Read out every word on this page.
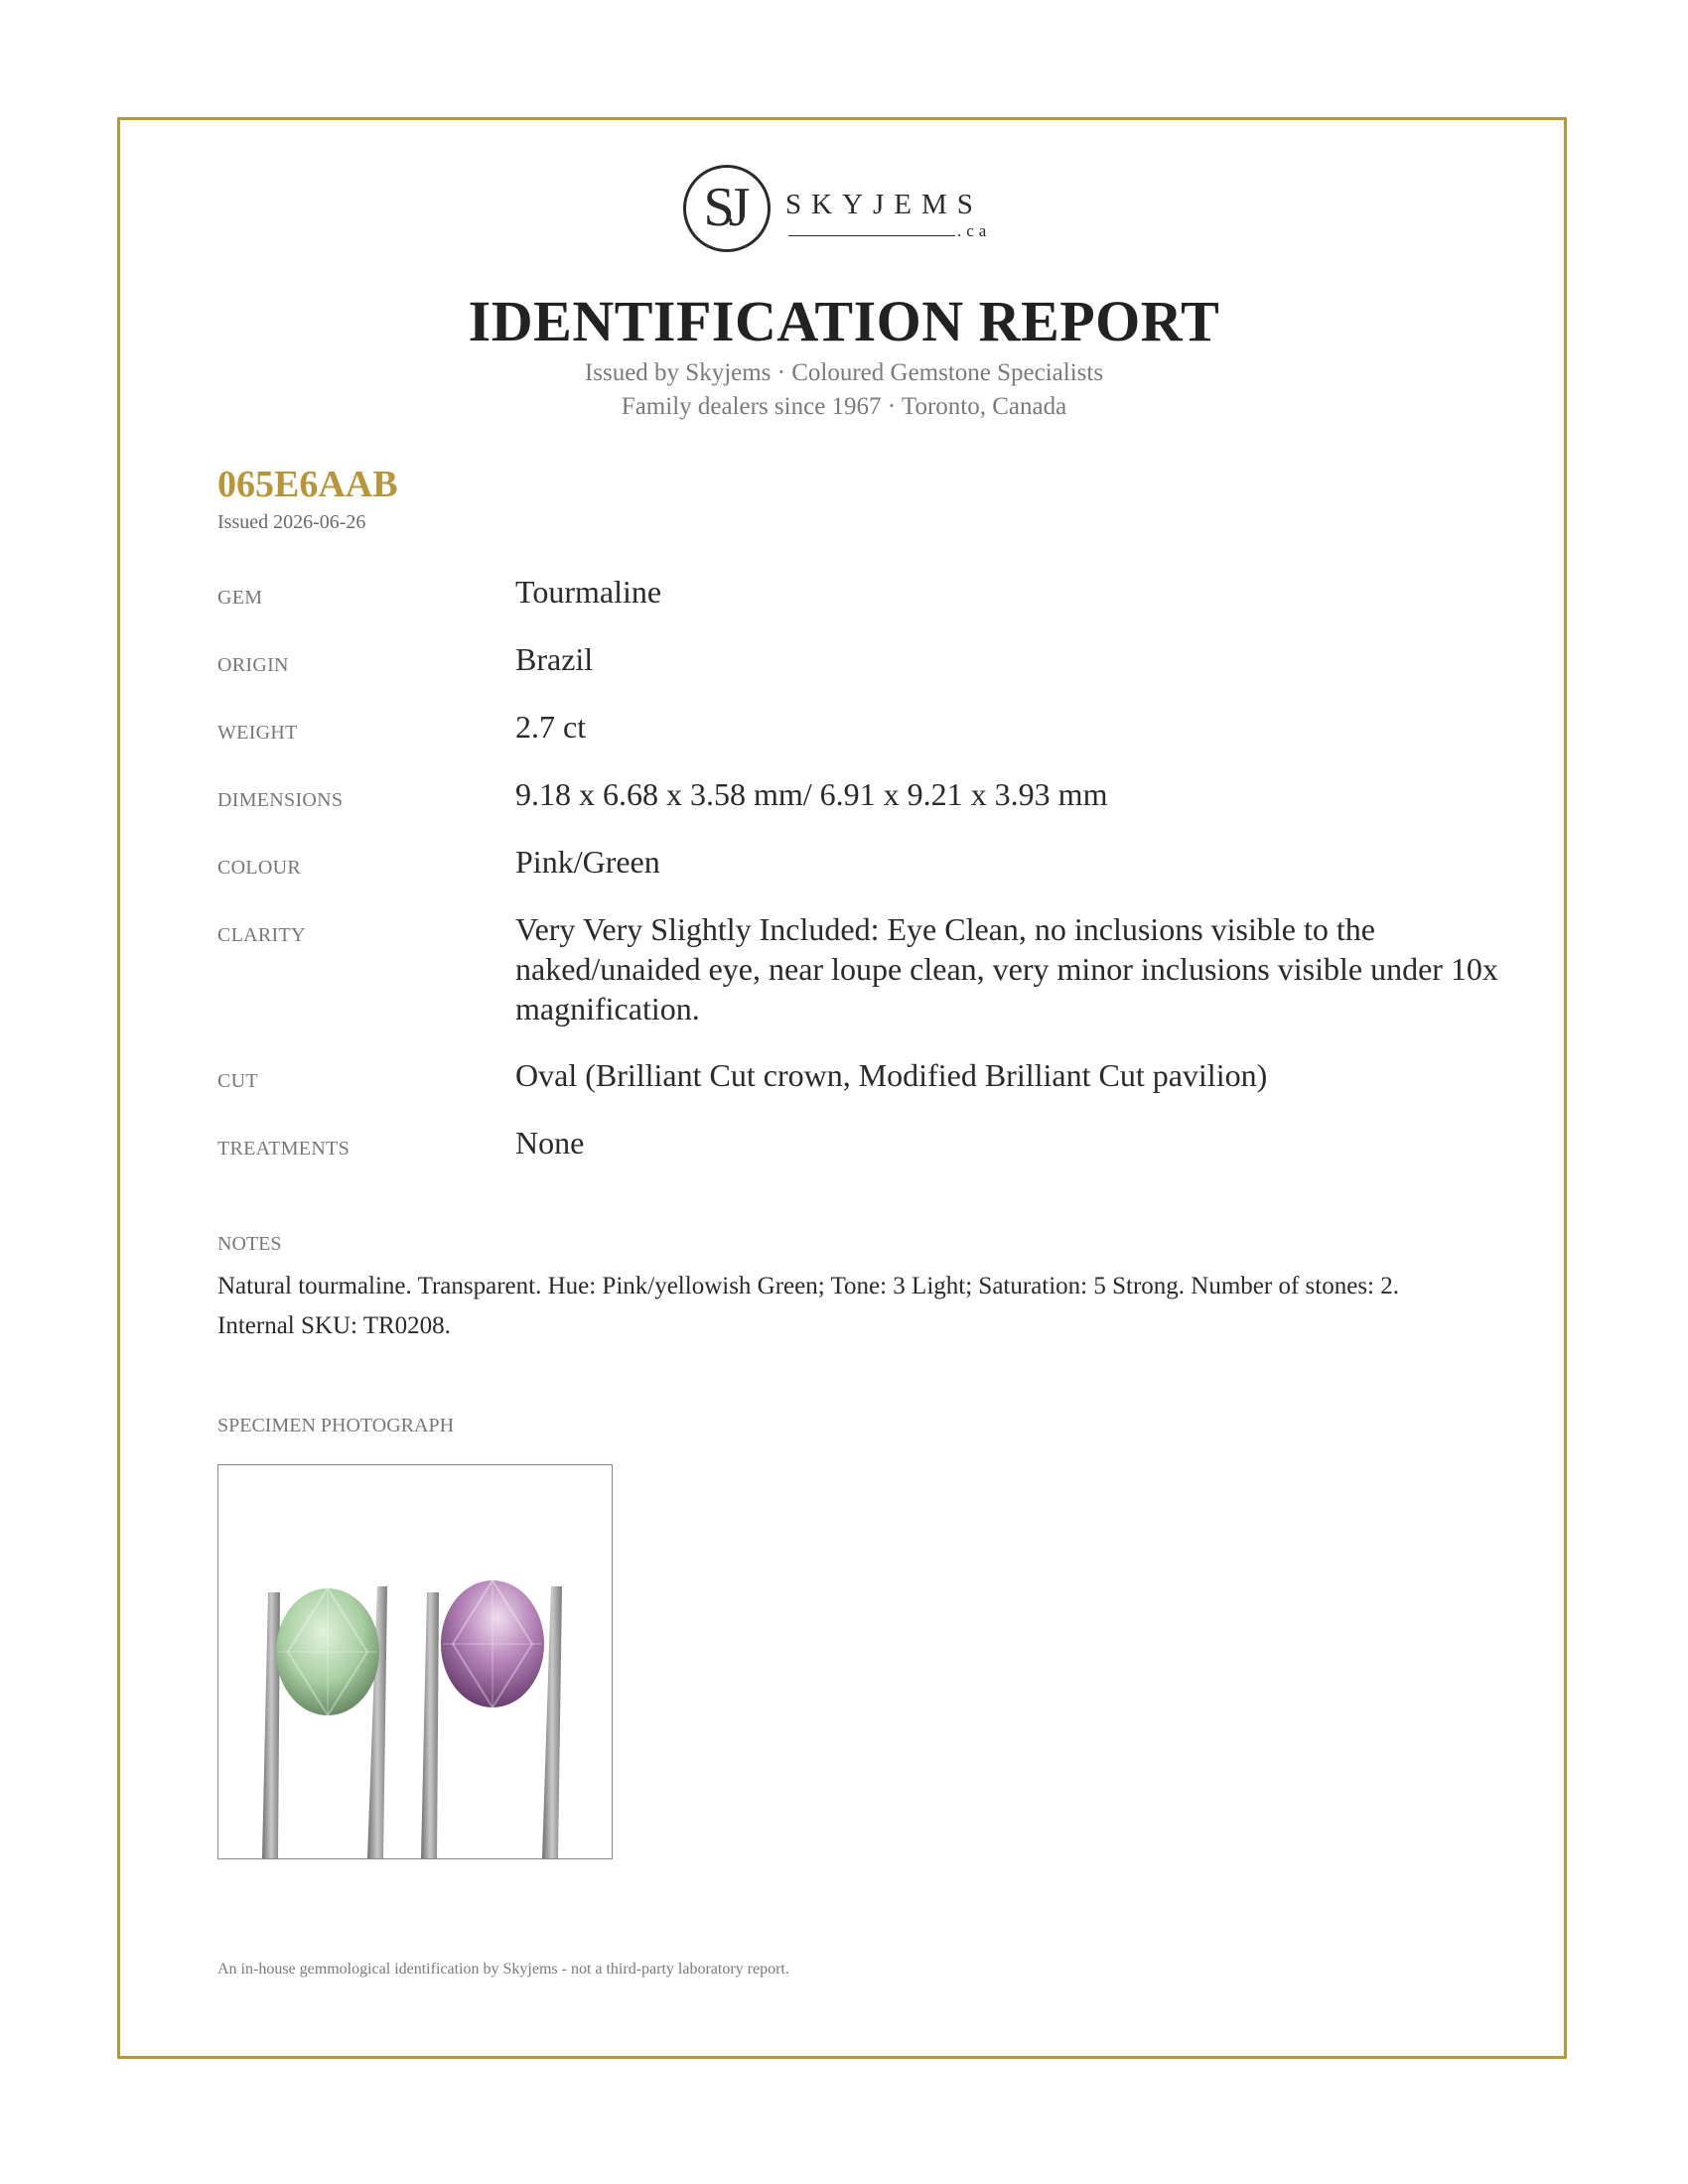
SJ	SKYJEMS
.ca
IDENTIFICATION REPORT
Issued by Skyjems · Coloured Gemstone Specialists
Family dealers since 1967 · Toronto, Canada
065E6AAB
Issued 2026-06-26
GEM	Tourmaline
ORIGIN	Brazil
WEIGHT	2.7 ct
DIMENSIONS	9.18 x 6.68 x 3.58 mm/ 6.91 x 9.21 x 3.93 mm
COLOUR	Pink/Green
CLARITY	Very Very Slightly Included: Eye Clean, no inclusions visible to the naked/unaided eye, near loupe clean, very minor inclusions visible under 10x magnification.
CUT	Oval (Brilliant Cut crown, Modified Brilliant Cut pavilion)
TREATMENTS	None
NOTES
Natural tourmaline. Transparent. Hue: Pink/yellowish Green; Tone: 3 Light; Saturation: 5 Strong. Number of stones: 2. Internal SKU: TR0208.
SPECIMEN PHOTOGRAPH
An in-house gemmological identification by Skyjems - not a third-party laboratory report.
